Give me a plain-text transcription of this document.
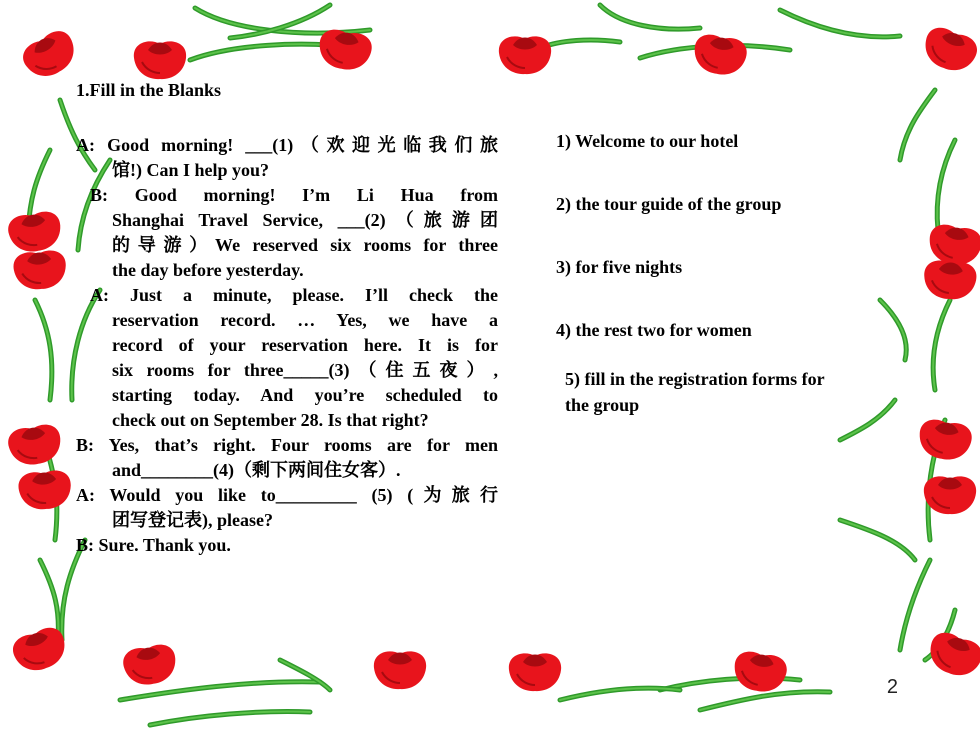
1.Fill in the Blanks
A: Good morning! ___(1)（欢迎光临我们旅
馆!) Can I help you?
B: Good morning! I’m Li Hua from
Shanghai Travel Service, ___(2)（旅游团
的导游）We reserved six rooms for three
the day before yesterday.
A: Just a minute, please. I’ll check the
reservation record. … Yes, we have a
record of your reservation here. It is for
six rooms for three_____(3)（住五夜）,
starting today. And you’re scheduled to
check out on September 28. Is that right?
B: Yes, that’s right. Four rooms are for men
and________(4)（剩下两间住女客）.
A: Would you like to_________ (5) (为旅行
团写登记表), please?
B: Sure. Thank you.
1) Welcome to our hotel
2) the tour guide of the group
3) for five nights
4) the rest two for women
5) fill in the registration forms for
the group
2
